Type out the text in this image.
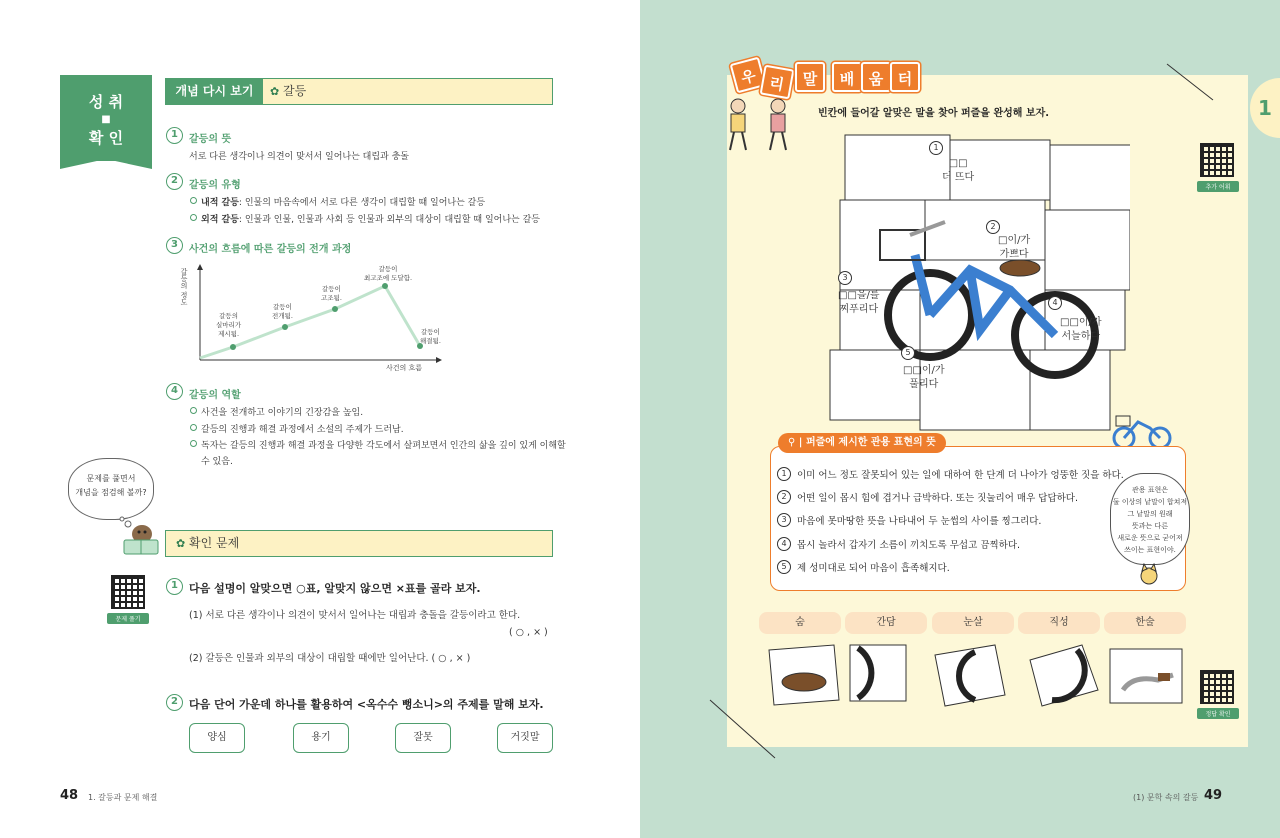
성 취
■
확 인
개념 다시 보기	✿ 갈등
1	갈등의 뜻
서로 다른 생각이나 의견이 맞서서 일어나는 대립과 충돌
2	갈등의 유형
내적 갈등: 인물의 마음속에서 서로 다른 생각이 대립할 때 일어나는 갈등
외적 갈등: 인물과 인물, 인물과 사회 등 인물과 외부의 대상이 대립할 때 일어나는 갈등
3	사건의 흐름에 따른 갈등의 전개 과정
갈등의 정도
사건의 흐름
갈등의
실마리가
제시됨.
갈등이
전개됨.
갈등이
고조됨.
갈등이
최고조에 도달함.
갈등이
해결됨.
4	갈등의 역할
사건을 전개하고 이야기의 긴장감을 높임.
갈등의 진행과 해결 과정에서 소설의 주제가 드러남.
독자는 갈등의 진행과 해결 과정을 다양한 각도에서 살펴보면서 인간의 삶을 깊이 있게 이해할
수 있음.
문제를 풀면서
개념을 점검해 볼까?
✿ 확인 문제
문제 풀기
1	다음 설명이 알맞으면 ○표, 알맞지 않으면 ×표를 골라 보자.
(1) 서로 다른 생각이나 의견이 맞서서 일어나는 대립과 충돌을 갈등이라고 한다.
( ○ , × )
(2) 갈등은 인물과 외부의 대상이 대립할 때에만 일어난다. ( ○ , × )
2	다음 단어 가운데 하나를 활용하여 <옥수수 뻥소니>의 주제를 말해 보자.
양심	용기	잘못	거짓말
48 1. 갈등과 문제 해결
1
우 리	말	배 움 터
빈칸에 들어갈 알맞은 말을 찾아 퍼즐을 완성해 보자.
추가 어휘
1
□□
더 뜨다
2
□이/가
가쁘다
3
□□을/를
찌푸리다
4
□□이/가
서늘하다
5
□□이/가
풀리다
⚲ | 퍼즐에 제시한 관용 표현의 뜻
1	이미 어느 정도 잘못되어 있는 일에 대하여 한 단계 더 나아가 엉뚱한 짓을 하다.
2	어떤 일이 몹시 힘에 겹거나 급박하다. 또는 짓눌리어 매우 답답하다.
3	마음에 못마땅한 뜻을 나타내어 두 눈썹의 사이를 찡그리다.
4	몹시 놀라서 갑자기 소름이 끼치도록 무섭고 끔찍하다.
5	제 성미대로 되어 마음이 흡족해지다.
관용 표현은
둘 이상의 낱말이 합쳐져
그 낱말의 원래
뜻과는 다른
새로운 뜻으로 굳어져
쓰이는 표현이야.
숨	간담	눈살	직성	한술
정답 확인
(1) 문학 속의 갈등 49
